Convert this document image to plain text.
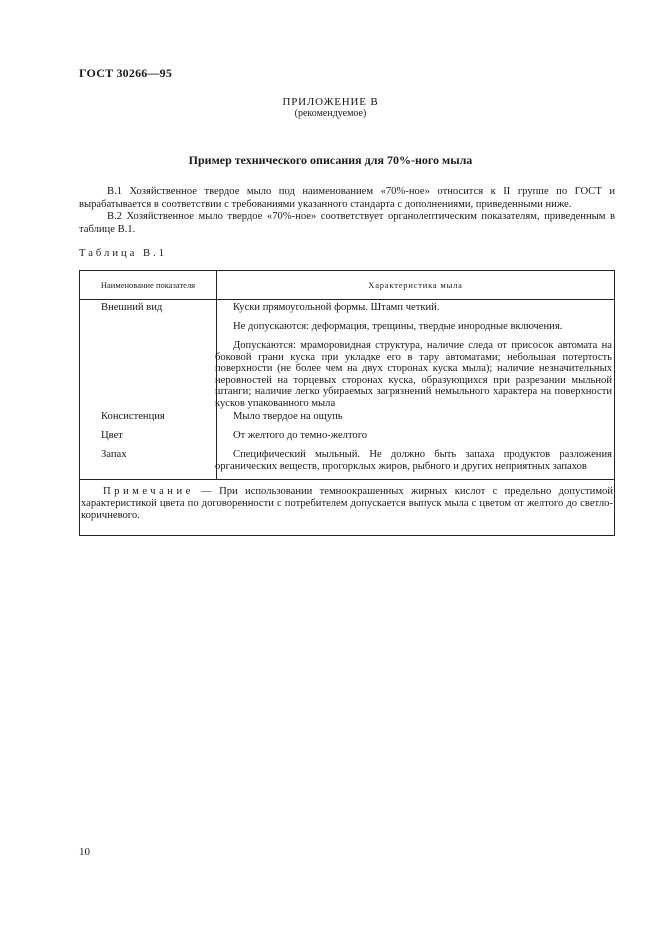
ГОСТ 30266—95
ПРИЛОЖЕНИЕ В
(рекомендуемое)
Пример технического описания для 70%-ного мыла
В.1 Хозяйственное твердое мыло под наименованием «70%-ное» относится к II группе по ГОСТ и вырабатывается в соответствии с требованиями указанного стандарта с дополнениями, приведенными ниже.
В.2 Хозяйственное мыло твердое «70%-ное» соответствует органолептическим показателям, приведенным в таблице В.1.
Таблица В.1
Наименование показателя	Характеристика мыла
Внешний вид	Куски прямоугольной формы. Штамп четкий.
Не допускаются: деформация, трещины, твердые инородные включения.
Допускаются: мраморовидная структура, наличие следа от присосок автомата на боковой грани куска при укладке его в тару автоматами; небольшая потертость поверхности (не более чем на двух сторонах куска мыла); наличие незначительных неровностей на торцевых сторонах куска, образующихся при разрезании мыльной штанги; наличие легко убираемых загрязнений немыльного характера на поверхности кусков упакованного мыла
Консистенция	Мыло твердое на ощупь
Цвет	От желтого до темно-желтого
Запах	Специфический мыльный. Не должно быть запаха продуктов разложения органических веществ, прогорклых жиров, рыбного и других неприятных запахов
Примечание — При использовании темноокрашенных жирных кислот с предельно допустимой характеристикой цвета по договоренности с потребителем допускается выпуск мыла с цветом от желтого до светло-коричневого.
10
